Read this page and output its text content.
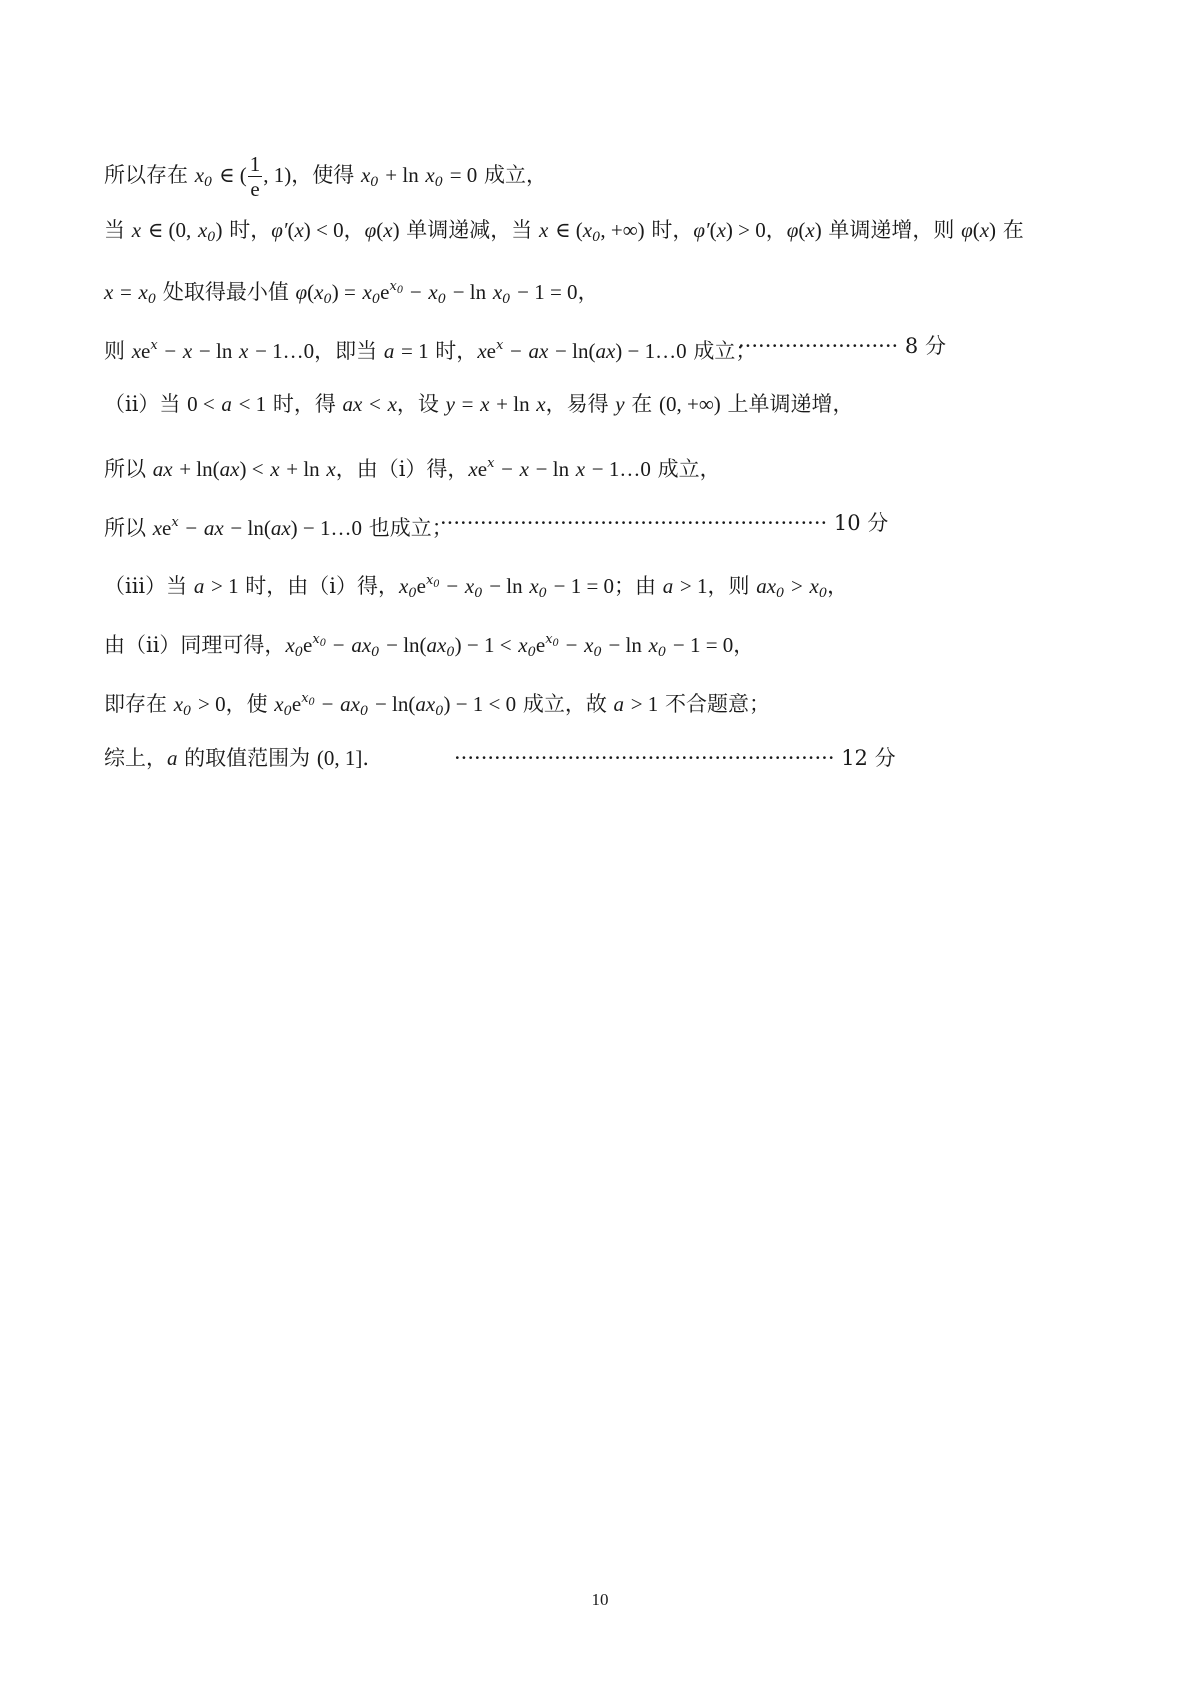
所以存在 $x_0$ ∈ ( $\frac{1}{e}$ , 1)，使得 $x_0 + \ln x_0 = 0$ 成立，
当 x ∈ (0, $x_0$) 时，φ′(x) < 0，φ(x) 单调递减，当 x ∈ ($x_0$, +∞) 时，φ′(x) > 0，φ(x) 单调递增，则 φ(x) 在
$x = x_0$ 处取得最小值 $\varphi(x_0) = x_0e^{x_0} - x_0 - \ln x_0 - 1 = 0$，
则 $xe^x - x - \ln x$ − 1…0，即当 a = 1 时，$xe^x$ − ax − ln(ax) − 1…0 成立；
························ 8 分
（ii）当 0 < a < 1 时，得 ax < x，设 y = x + ln x，易得 y 在 (0, +∞) 上单调递增，
所以 ax + ln(ax) < x + ln x，由（i）得，$xe^x - x - \ln x$ − 1…0 成立，
所以 $xe^x$ − ax − ln(ax) − 1…0 也成立；
·························································· 10 分
（iii）当 a > 1 时，由（i）得，$x_0e^{x_0} - x_0 - \ln x_0 - 1 = 0$；由 a > 1，则 $ax_0 > x_0$，
由（ii）同理可得，$x_0e^{x_0} - ax_0 - \ln(ax_0) - 1 < x_0e^{x_0} - x_0 - \ln x_0 - 1 = 0$，
即存在 $x_0 > 0$，使 $x_0e^{x_0} - ax_0 - \ln(ax_0) - 1 < 0$ 成立，故 a > 1 不合题意；
综上，a 的取值范围为 (0, 1].	························································· 12 分
10
